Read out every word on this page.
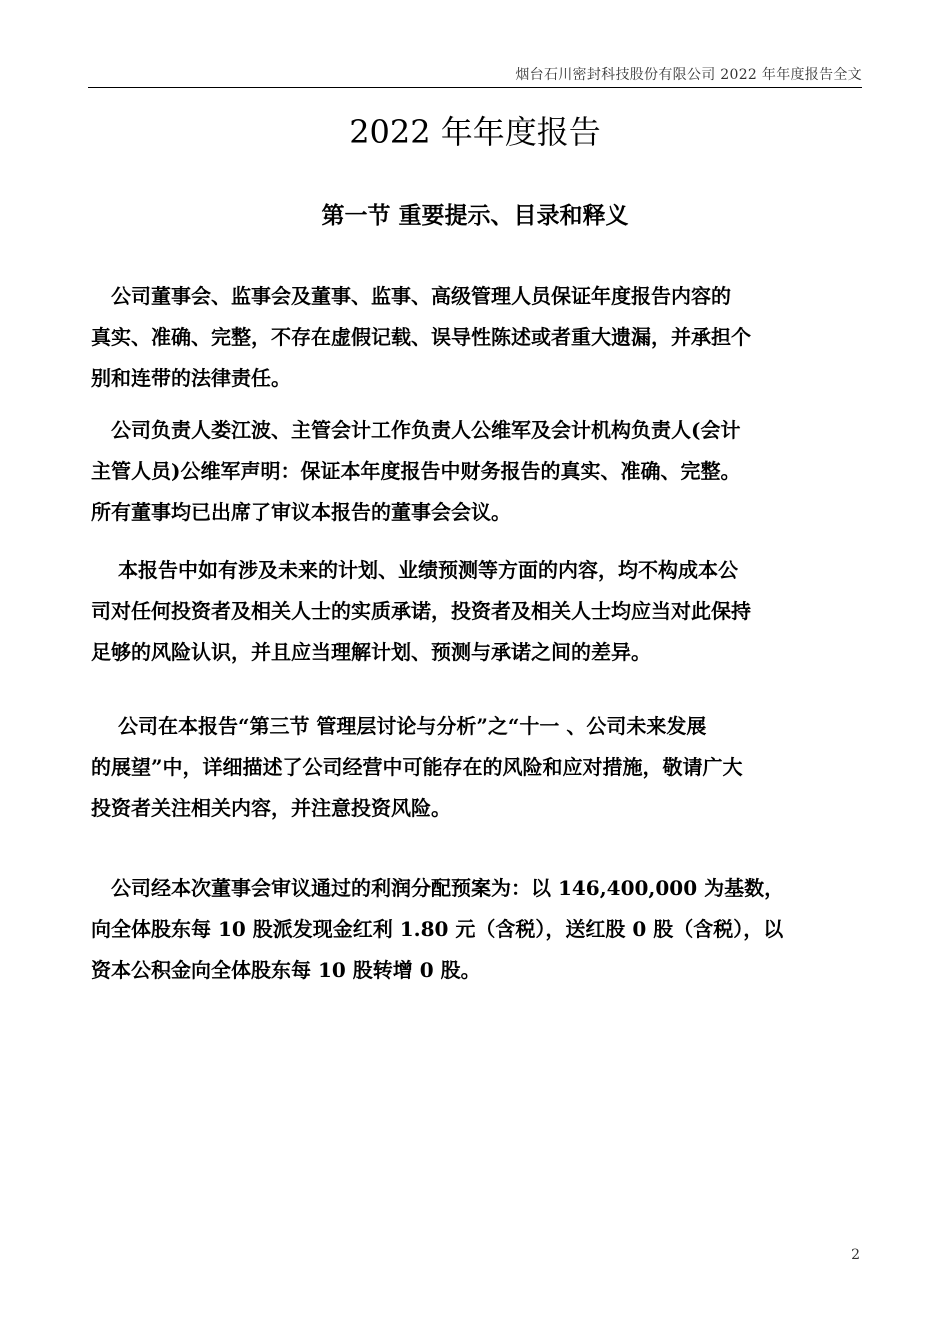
烟台石川密封科技股份有限公司 2022 年年度报告全文
2022 年年度报告
第一节 重要提示、目录和释义
　公司董事会、监事会及董事、监事、高级管理人员保证年度报告内容的
真实、准确、完整，不存在虚假记载、误导性陈述或者重大遗漏，并承担个
别和连带的法律责任。
　公司负责人娄江波、主管会计工作负责人公维军及会计机构负责人(会计
主管人员)公维军声明：保证本年度报告中财务报告的真实、准确、完整。
所有董事均已出席了审议本报告的董事会会议。
　 本报告中如有涉及未来的计划、业绩预测等方面的内容，均不构成本公
司对任何投资者及相关人士的实质承诺，投资者及相关人士均应当对此保持
足够的风险认识，并且应当理解计划、预测与承诺之间的差异。
　 公司在本报告“第三节 管理层讨论与分析”之“十一 、公司未来发展
的展望”中，详细描述了公司经营中可能存在的风险和应对措施，敬请广大
投资者关注相关内容，并注意投资风险。
　公司经本次董事会审议通过的利润分配预案为：以 146,400,000 为基数，
向全体股东每 10 股派发现金红利 1.80 元（含税），送红股 0 股（含税），以
资本公积金向全体股东每 10 股转增 0 股。
2
